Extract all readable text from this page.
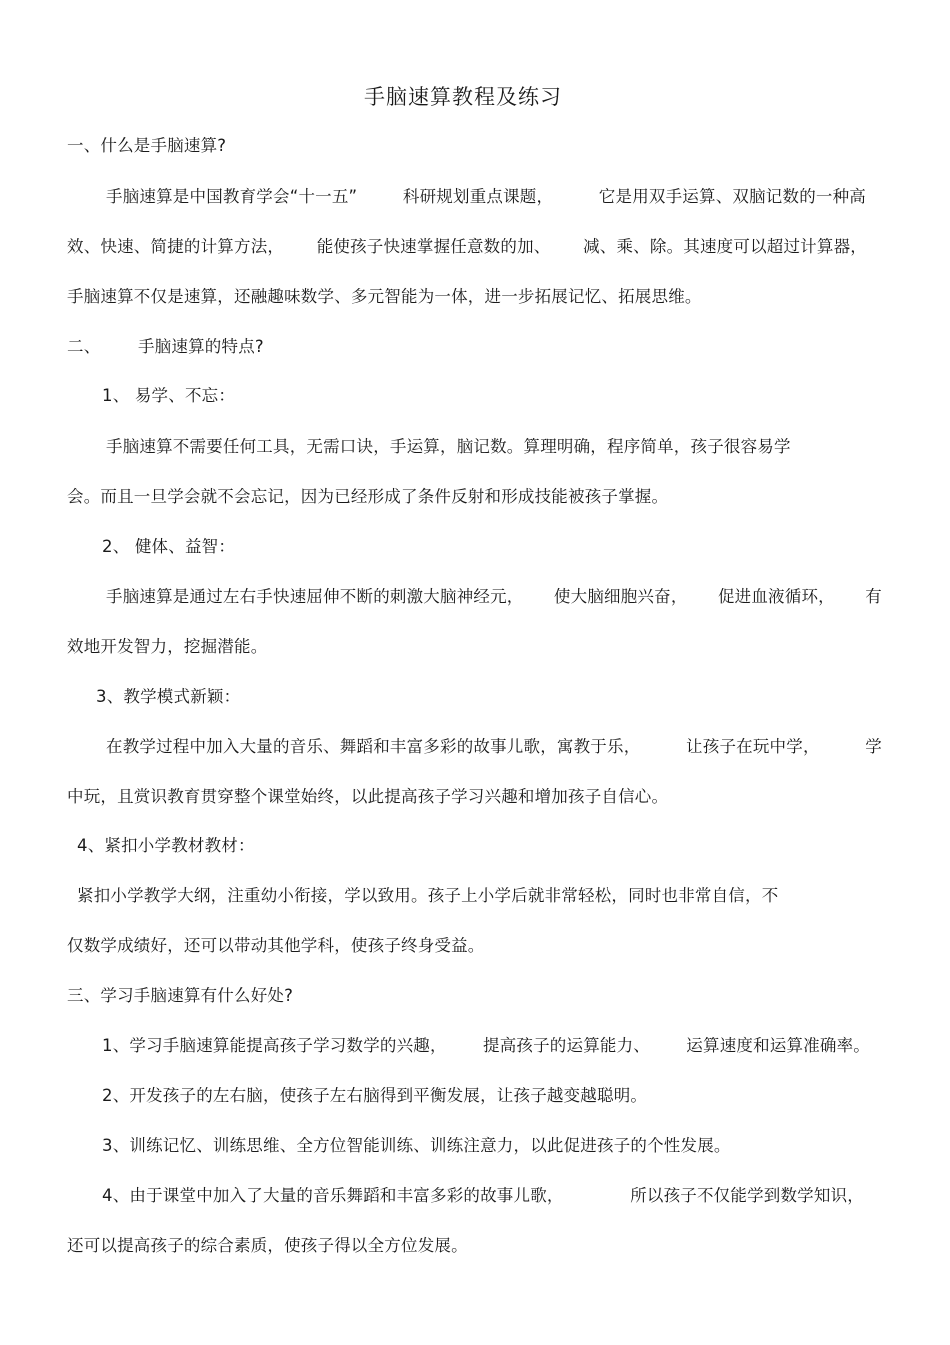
手脑速算教程及练习
一、什么是手脑速算?
手脑速算是中国教育学会“十一五”	科研规划重点课题，	它是用双手运算、双脑记数的一种高
效、快速、简捷的计算方法， 能使孩子快速掌握任意数的加、 减、乘、除。其速度可以超过计算器，
手脑速算不仅是速算，还融趣味数学、多元智能为一体，进一步拓展记忆、拓展思维。
二、 手脑速算的特点?
1、 易学、不忘：
手脑速算不需要任何工具，无需口诀，手运算，脑记数。算理明确，程序简单，孩子很容易学
会。而且一旦学会就不会忘记，因为已经形成了条件反射和形成技能被孩子掌握。
2、 健体、益智：
手脑速算是通过左右手快速屈伸不断的刺激大脑神经元， 使大脑细胞兴奋， 促进血液循环， 有
效地开发智力，挖掘潜能。
3、教学模式新颖：
在教学过程中加入大量的音乐、舞蹈和丰富多彩的故事儿歌，寓教于乐，	让孩子在玩中学，	学
中玩，且赏识教育贯穿整个课堂始终，以此提高孩子学习兴趣和增加孩子自信心。
4、紧扣小学教材教材：
紧扣小学教学大纲，注重幼小衔接，学以致用。孩子上小学后就非常轻松，同时也非常自信，不
仅数学成绩好，还可以带动其他学科，使孩子终身受益。
三、学习手脑速算有什么好处?
1、学习手脑速算能提高孩子学习数学的兴趣， 提高孩子的运算能力、 运算速度和运算准确率。
2、开发孩子的左右脑，使孩子左右脑得到平衡发展，让孩子越变越聪明。
3、训练记忆、训练思维、全方位智能训练、训练注意力，以此促进孩子的个性发展。
4、由于课堂中加入了大量的音乐舞蹈和丰富多彩的故事儿歌，	所以孩子不仅能学到数学知识，
还可以提高孩子的综合素质，使孩子得以全方位发展。
